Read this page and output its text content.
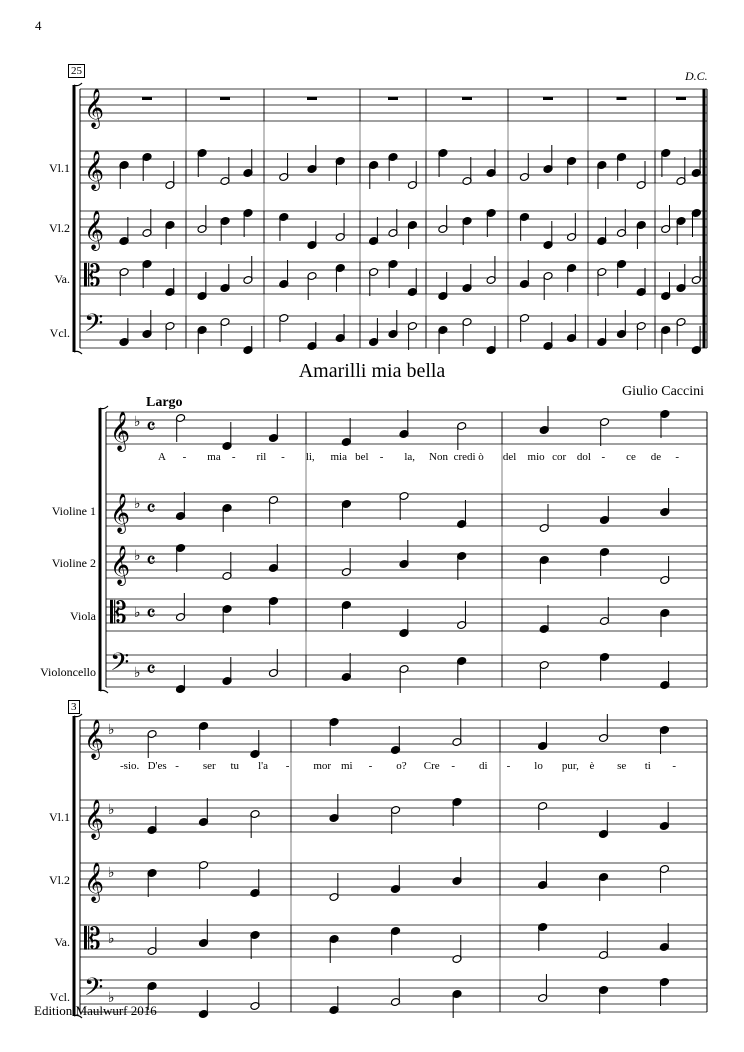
𝄞
𝄞
𝄞
𝄡
𝄢
𝄞 ♭ 𝄴
𝄞 ♭ 𝄴
𝄞 ♭ 𝄴
𝄡 ♭ 𝄴
𝄢 ♭ 𝄴
𝄞 ♭
𝄞 ♭
𝄞 ♭
𝄡 ♭
𝄢 ♭
4
D.C.
Amarilli mia bella
Giulio Caccini
Largo
Edition Maulwurf 2016
25
3
Vl.1
Vl.2
Va.
Vcl.
Violine 1
Violine 2
Viola
Violoncello
Vl.1
Vl.2
Va.
Vcl.
A - ma - ril - li, mia bel - la, Non credi ò del mio cor dol - ce de -
-sio. D'es - ser tu l'a - mor mi - o? Cre - di - lo pur, è se ti -
